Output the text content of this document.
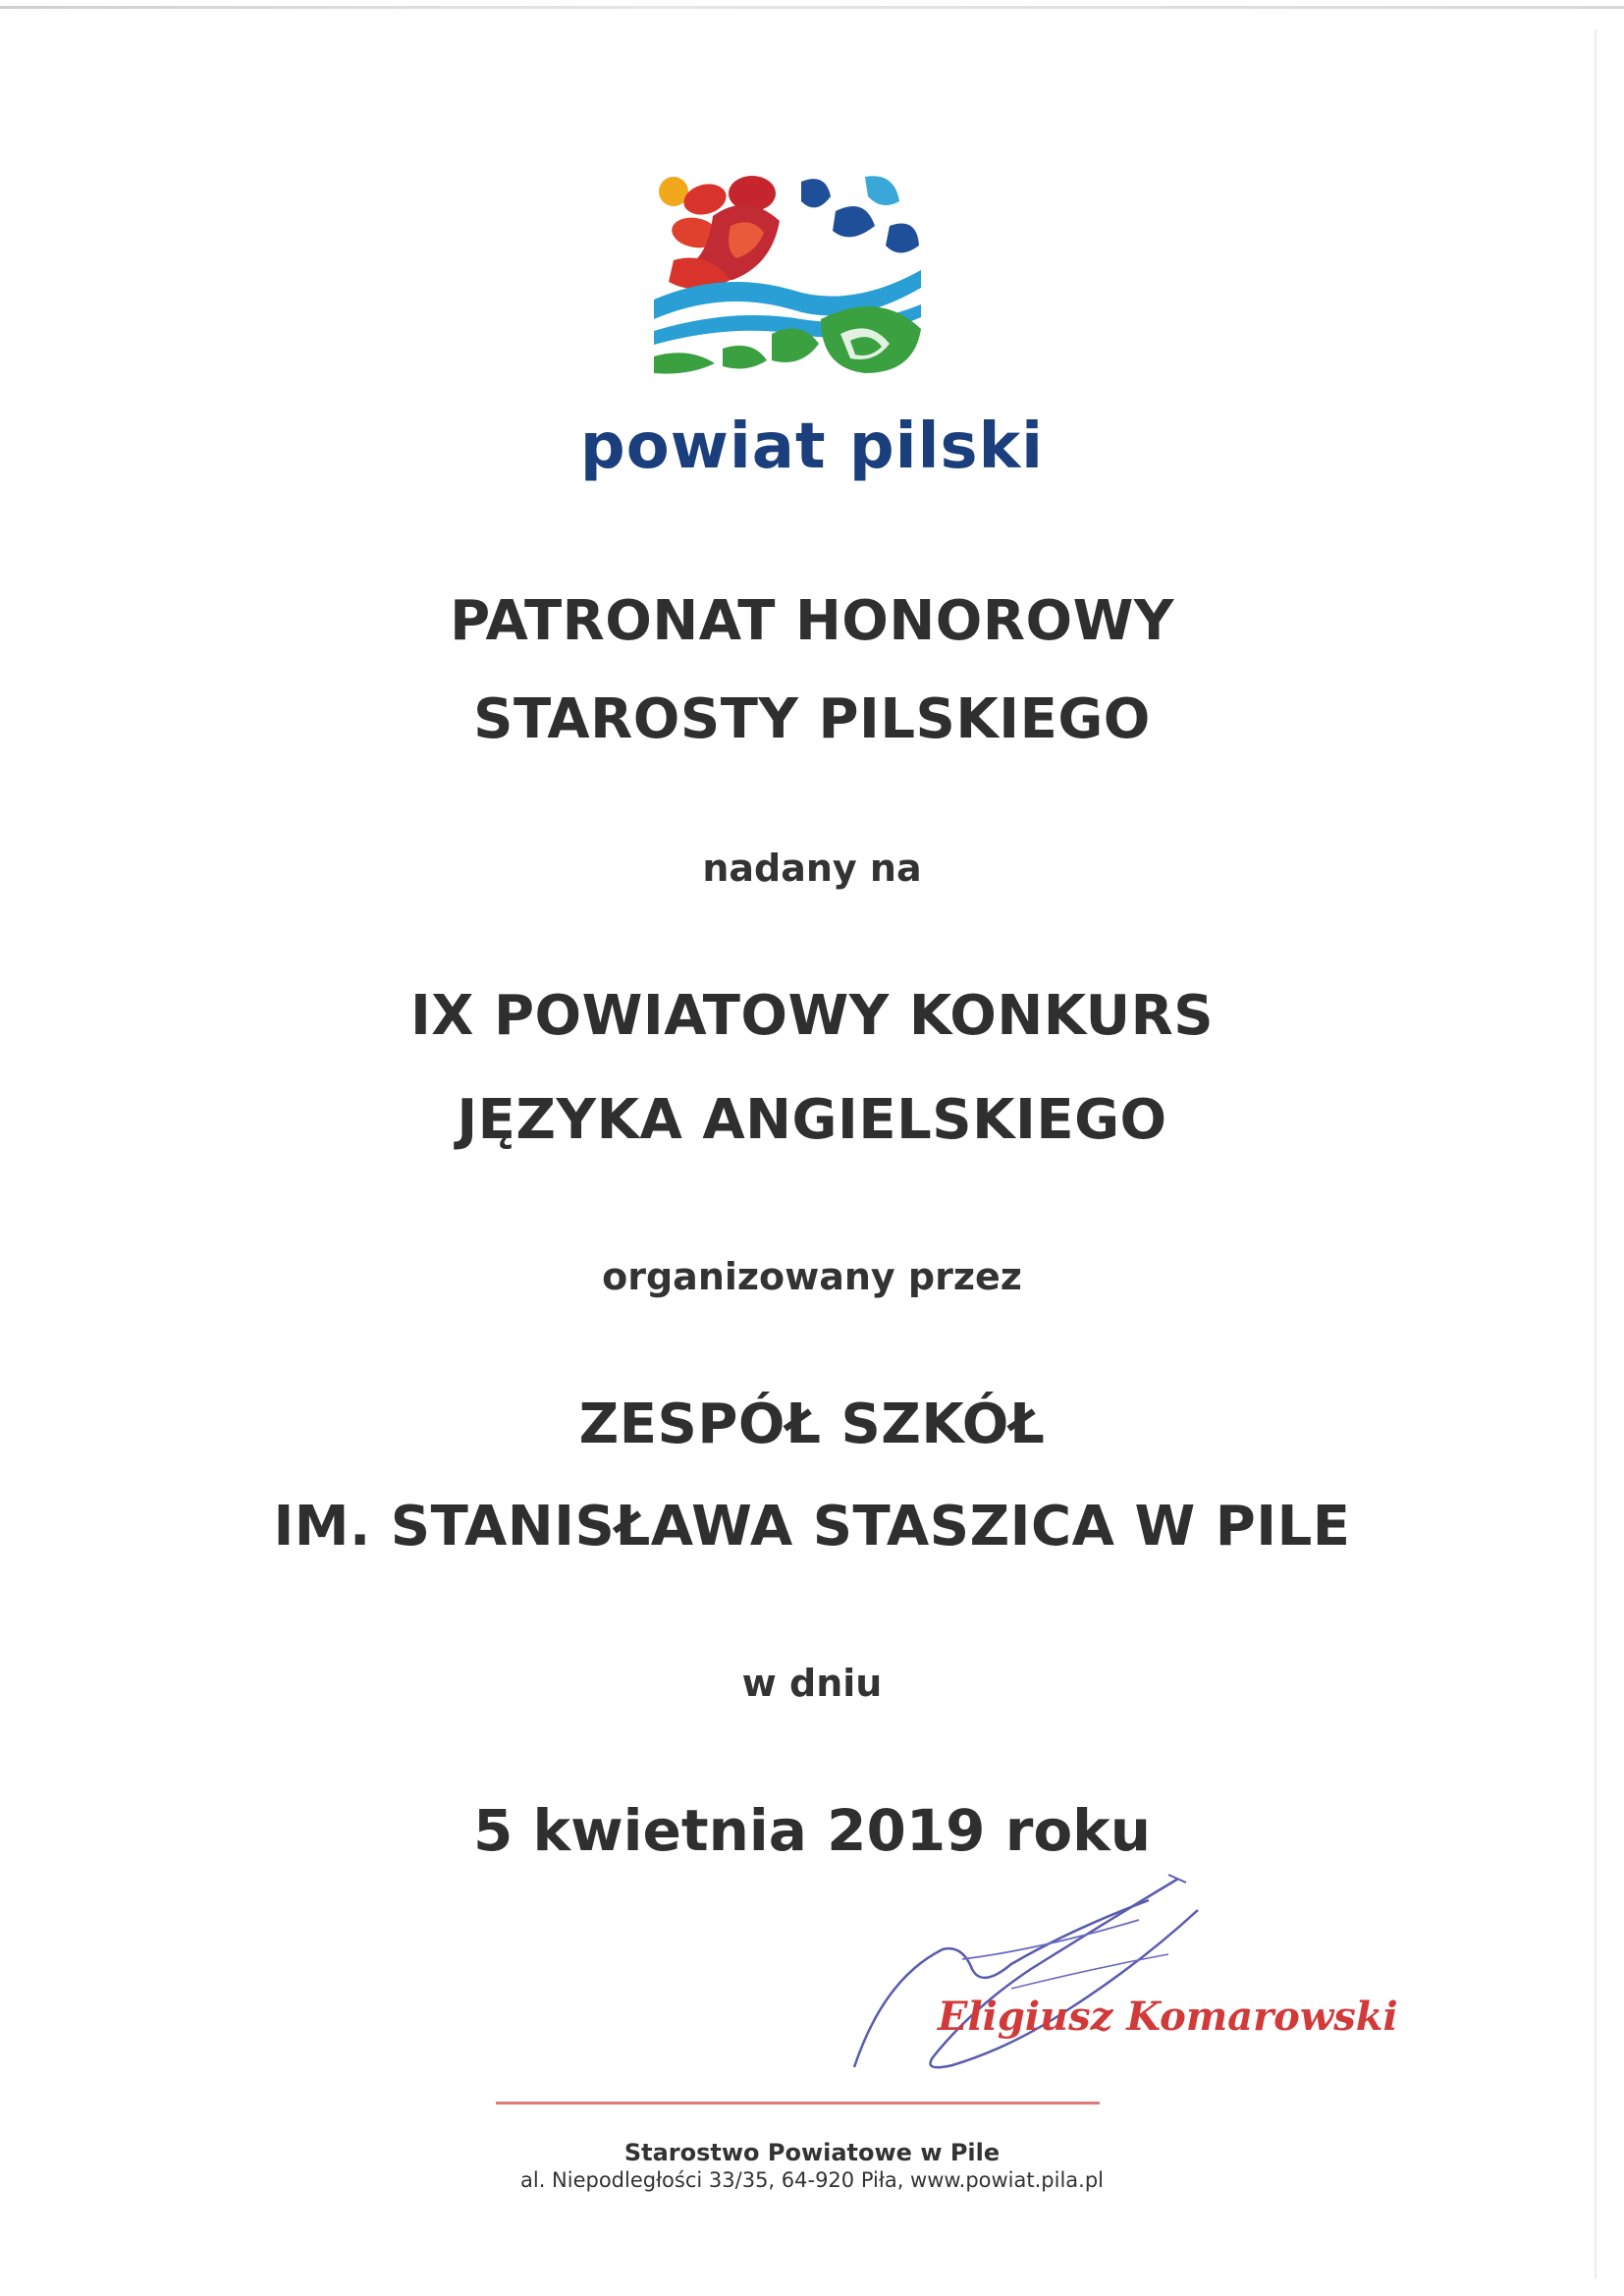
powiat pilski
PATRONAT HONOROWY
STAROSTY PILSKIEGO
nadany na
IX POWIATOWY KONKURS
JĘZYKA ANGIELSKIEGO
organizowany przez
ZESPÓŁ SZKÓŁ
IM. STANISŁAWA STASZICA W PILE
w dniu
5 kwietnia 2019 roku
Eligiusz Komarowski
Starostwo Powiatowe w Pile
al. Niepodległości 33/35, 64-920 Piła, www.powiat.pila.pl
